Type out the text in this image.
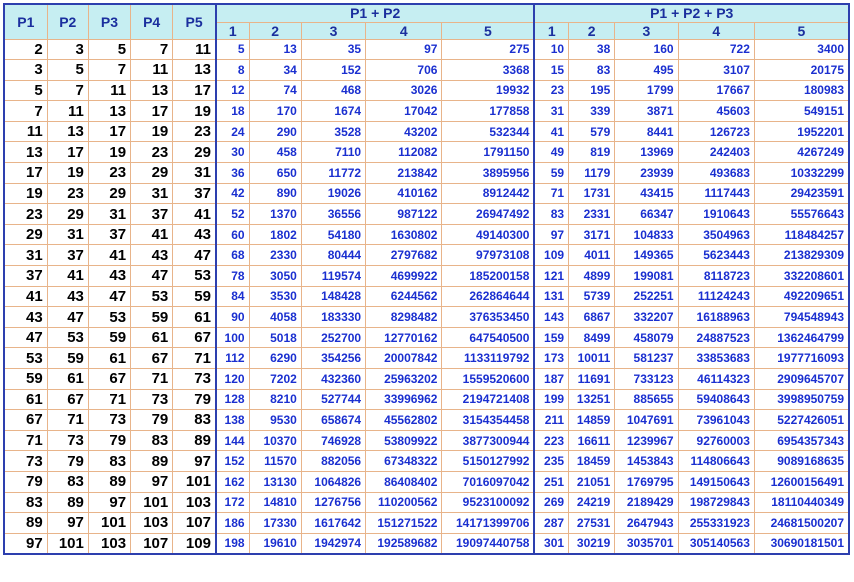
P1	P2	P3	P4	P5	P1 + P2					P1 + P2 + P3				
					1	2	3	4	5	1	2	3	4	5
2	3	5	7	11	5	13	35	97	275	10	38	160	722	3400
3	5	7	11	13	8	34	152	706	3368	15	83	495	3107	20175
5	7	11	13	17	12	74	468	3026	19932	23	195	1799	17667	180983
7	11	13	17	19	18	170	1674	17042	177858	31	339	3871	45603	549151
11	13	17	19	23	24	290	3528	43202	532344	41	579	8441	126723	1952201
13	17	19	23	29	30	458	7110	112082	1791150	49	819	13969	242403	4267249
17	19	23	29	31	36	650	11772	213842	3895956	59	1179	23939	493683	10332299
19	23	29	31	37	42	890	19026	410162	8912442	71	1731	43415	1117443	29423591
23	29	31	37	41	52	1370	36556	987122	26947492	83	2331	66347	1910643	55576643
29	31	37	41	43	60	1802	54180	1630802	49140300	97	3171	104833	3504963	118484257
31	37	41	43	47	68	2330	80444	2797682	97973108	109	4011	149365	5623443	213829309
37	41	43	47	53	78	3050	119574	4699922	185200158	121	4899	199081	8118723	332208601
41	43	47	53	59	84	3530	148428	6244562	262864644	131	5739	252251	11124243	492209651
43	47	53	59	61	90	4058	183330	8298482	376353450	143	6867	332207	16188963	794548943
47	53	59	61	67	100	5018	252700	12770162	647540500	159	8499	458079	24887523	1362464799
53	59	61	67	71	112	6290	354256	20007842	1133119792	173	10011	581237	33853683	1977716093
59	61	67	71	73	120	7202	432360	25963202	1559520600	187	11691	733123	46114323	2909645707
61	67	71	73	79	128	8210	527744	33996962	2194721408	199	13251	885655	59408643	3998950759
67	71	73	79	83	138	9530	658674	45562802	3154354458	211	14859	1047691	73961043	5227426051
71	73	79	83	89	144	10370	746928	53809922	3877300944	223	16611	1239967	92760003	6954357343
73	79	83	89	97	152	11570	882056	67348322	5150127992	235	18459	1453843	114806643	9089168635
79	83	89	97	101	162	13130	1064826	86408402	7016097042	251	21051	1769795	149150643	12600156491
83	89	97	101	103	172	14810	1276756	110200562	9523100092	269	24219	2189429	198729843	18110440349
89	97	101	103	107	186	17330	1617642	151271522	14171399706	287	27531	2647943	255331923	24681500207
97	101	103	107	109	198	19610	1942974	192589682	19097440758	301	30219	3035701	305140563	30690181501
